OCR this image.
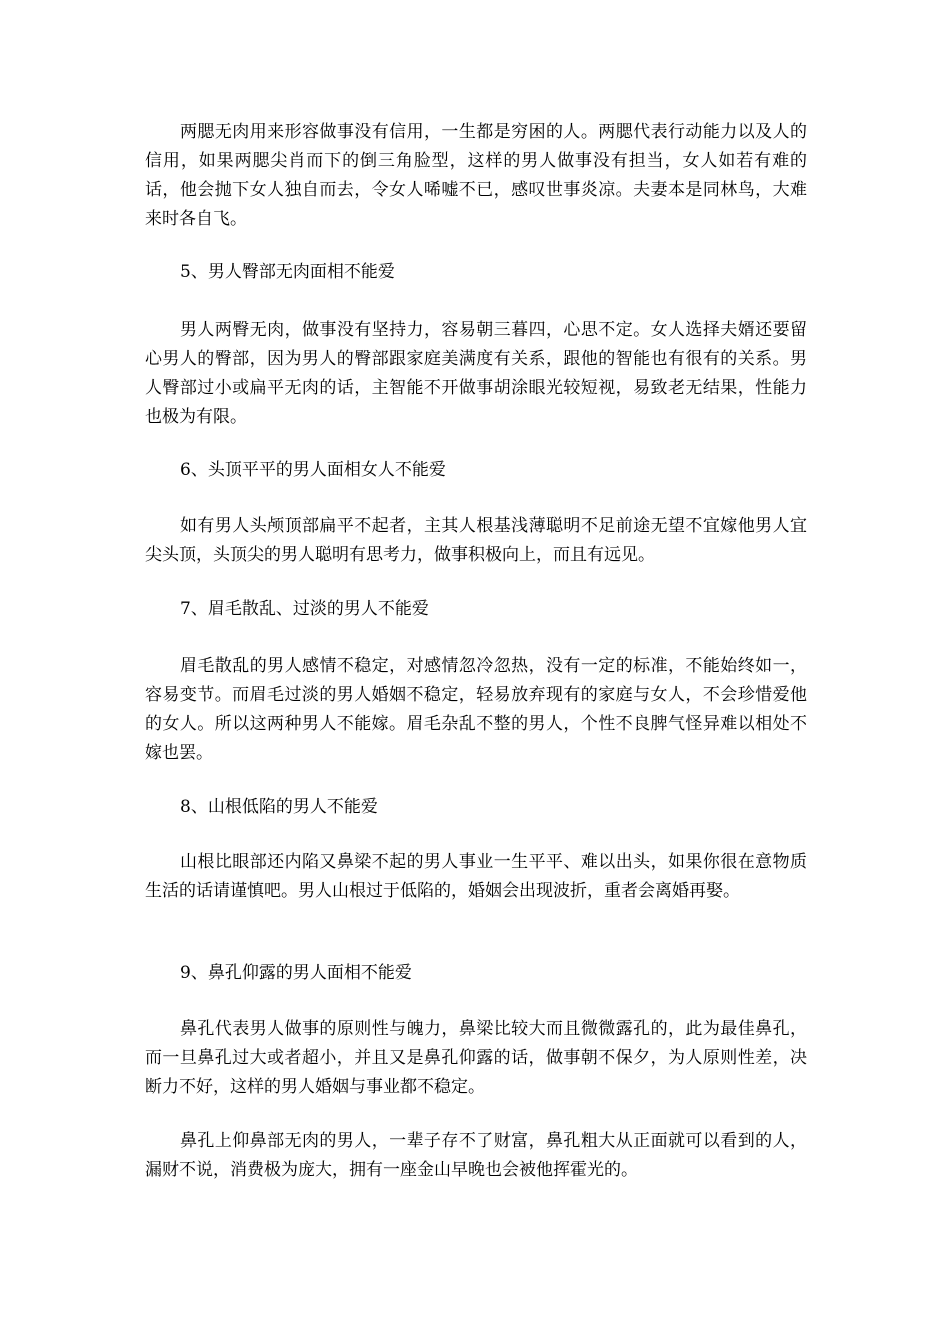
两腮无肉用来形容做事没有信用，一生都是穷困的人。两腮代表行动能力以及人的信用，如果两腮尖肖而下的倒三角脸型，这样的男人做事没有担当，女人如若有难的话，他会抛下女人独自而去，令女人唏嘘不已，感叹世事炎凉。夫妻本是同林鸟，大难来时各自飞。

5、男人臀部无肉面相不能爱

男人两臀无肉，做事没有坚持力，容易朝三暮四，心思不定。女人选择夫婿还要留心男人的臀部，因为男人的臀部跟家庭美满度有关系，跟他的智能也有很有的关系。男人臀部过小或扁平无肉的话，主智能不开做事胡涂眼光较短视，易致老无结果，性能力也极为有限。

6、头顶平平的男人面相女人不能爱

如有男人头颅顶部扁平不起者，主其人根基浅薄聪明不足前途无望不宜嫁他男人宜尖头顶，头顶尖的男人聪明有思考力，做事积极向上，而且有远见。

7、眉毛散乱、过淡的男人不能爱

眉毛散乱的男人感情不稳定，对感情忽冷忽热，没有一定的标准，不能始终如一，容易变节。而眉毛过淡的男人婚姻不稳定，轻易放弃现有的家庭与女人，不会珍惜爱他的女人。所以这两种男人不能嫁。眉毛杂乱不整的男人，个性不良脾气怪异难以相处不嫁也罢。

8、山根低陷的男人不能爱

山根比眼部还内陷又鼻梁不起的男人事业一生平平、难以出头，如果你很在意物质生活的话请谨慎吧。男人山根过于低陷的，婚姻会出现波折，重者会离婚再娶。

9、鼻孔仰露的男人面相不能爱

鼻孔代表男人做事的原则性与魄力，鼻梁比较大而且微微露孔的，此为最佳鼻孔，而一旦鼻孔过大或者超小，并且又是鼻孔仰露的话，做事朝不保夕，为人原则性差，决断力不好，这样的男人婚姻与事业都不稳定。

鼻孔上仰鼻部无肉的男人，一辈子存不了财富，鼻孔粗大从正面就可以看到的人，漏财不说，消费极为庞大，拥有一座金山早晚也会被他挥霍光的。
